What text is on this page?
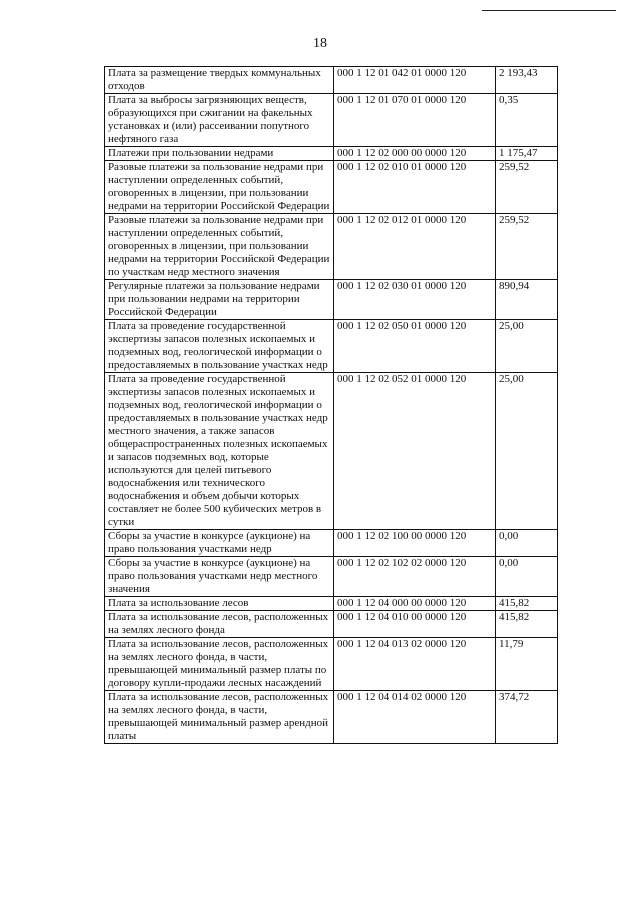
18
Плата за размещение твердых коммунальных отходов	000 1 12 01 042 01 0000 120	2 193,43
Плата за выбросы загрязняющих веществ, образующихся при сжигании на факельных установках и (или) рассеивании попутного нефтяного газа	000 1 12 01 070 01 0000 120	0,35
Платежи при пользовании недрами	000 1 12 02 000 00 0000 120	1 175,47
Разовые платежи за пользование недрами при наступлении определенных событий, оговоренных в лицензии, при пользовании недрами на территории Российской Федерации	000 1 12 02 010 01 0000 120	259,52
Разовые платежи за пользование недрами при наступлении определенных событий, оговоренных в лицензии, при пользовании недрами на территории Российской Федерации по участкам недр местного значения	000 1 12 02 012 01 0000 120	259,52
Регулярные платежи за пользование недрами при пользовании недрами на территории Российской Федерации	000 1 12 02 030 01 0000 120	890,94
Плата за проведение государственной экспертизы запасов полезных ископаемых и подземных вод, геологической информации о предоставляемых в пользование участках недр	000 1 12 02 050 01 0000 120	25,00
Плата за проведение государственной экспертизы запасов полезных ископаемых и подземных вод, геологической информации о предоставляемых в пользование участках недр местного значения, а также запасов общераспространенных полезных ископаемых и запасов подземных вод, которые используются для целей питьевого водоснабжения или технического водоснабжения и объем добычи которых составляет не более 500 кубических метров в сутки	000 1 12 02 052 01 0000 120	25,00
Сборы за участие в конкурсе (аукционе) на право пользования участками недр	000 1 12 02 100 00 0000 120	0,00
Сборы за участие в конкурсе (аукционе) на право пользования участками недр местного значения	000 1 12 02 102 02 0000 120	0,00
Плата за использование лесов	000 1 12 04 000 00 0000 120	415,82
Плата за использование лесов, расположенных на землях лесного фонда	000 1 12 04 010 00 0000 120	415,82
Плата за использование лесов, расположенных на землях лесного фонда, в части, превышающей минимальный размер платы по договору купли-продажи лесных насаждений	000 1 12 04 013 02 0000 120	11,79
Плата за использование лесов, расположенных на землях лесного фонда, в части, превышающей минимальный размер арендной платы	000 1 12 04 014 02 0000 120	374,72
